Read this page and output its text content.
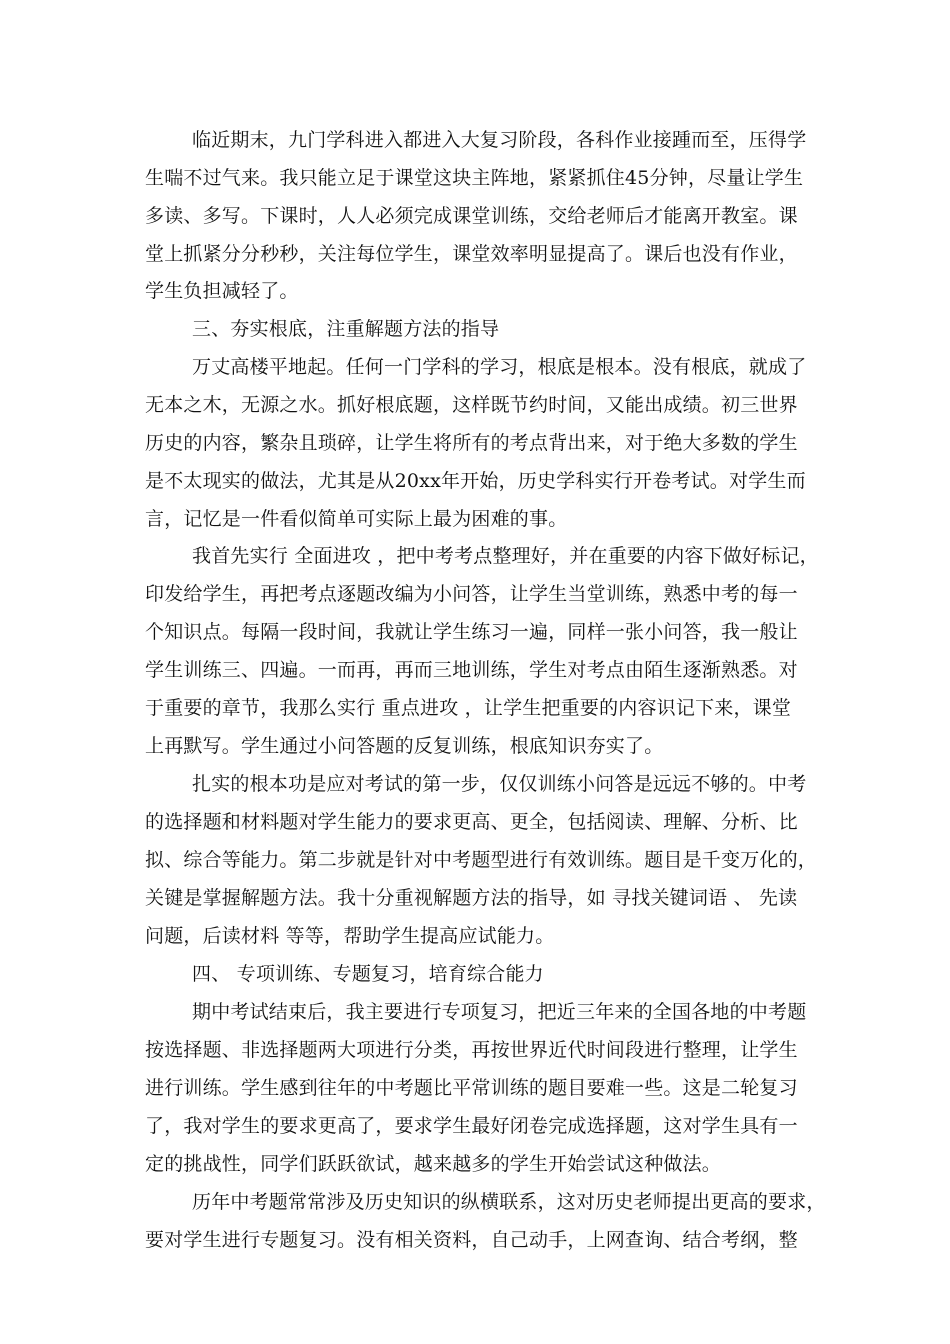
临近期末，九门学科进入都进入大复习阶段，各科作业接踵而至，压得学
生喘不过气来。我只能立足于课堂这块主阵地，紧紧抓住45分钟，尽量让学生
多读、多写。下课时，人人必须完成课堂训练，交给老师后才能离开教室。课
堂上抓紧分分秒秒，关注每位学生，课堂效率明显提高了。课后也没有作业，
学生负担减轻了。
三、夯实根底，注重解题方法的指导
万丈高楼平地起。任何一门学科的学习，根底是根本。没有根底，就成了
无本之木，无源之水。抓好根底题，这样既节约时间，又能出成绩。初三世界
历史的内容，繁杂且琐碎，让学生将所有的考点背出来，对于绝大多数的学生
是不太现实的做法，尤其是从20xx年开始，历史学科实行开卷考试。对学生而
言，记忆是一件看似简单可实际上最为困难的事。
我首先实行 全面进攻 ，把中考考点整理好，并在重要的内容下做好标记，
印发给学生，再把考点逐题改编为小问答，让学生当堂训练，熟悉中考的每一
个知识点。每隔一段时间，我就让学生练习一遍，同样一张小问答，我一般让
学生训练三、四遍。一而再，再而三地训练，学生对考点由陌生逐渐熟悉。对
于重要的章节，我那么实行 重点进攻 ，让学生把重要的内容识记下来，课堂
上再默写。学生通过小问答题的反复训练，根底知识夯实了。
扎实的根本功是应对考试的第一步，仅仅训练小问答是远远不够的。中考
的选择题和材料题对学生能力的要求更高、更全，包括阅读、理解、分析、比
拟、综合等能力。第二步就是针对中考题型进行有效训练。题目是千变万化的，
关键是掌握解题方法。我十分重视解题方法的指导，如 寻找关键词语 、 先读
问题，后读材料 等等，帮助学生提高应试能力。
四、 专项训练、专题复习，培育综合能力
期中考试结束后，我主要进行专项复习，把近三年来的全国各地的中考题
按选择题、非选择题两大项进行分类，再按世界近代时间段进行整理，让学生
进行训练。学生感到往年的中考题比平常训练的题目要难一些。这是二轮复习
了，我对学生的要求更高了，要求学生最好闭卷完成选择题，这对学生具有一
定的挑战性，同学们跃跃欲试，越来越多的学生开始尝试这种做法。
历年中考题常常涉及历史知识的纵横联系，这对历史老师提出更高的要求，
要对学生进行专题复习。没有相关资料，自己动手，上网查询、结合考纲，整
